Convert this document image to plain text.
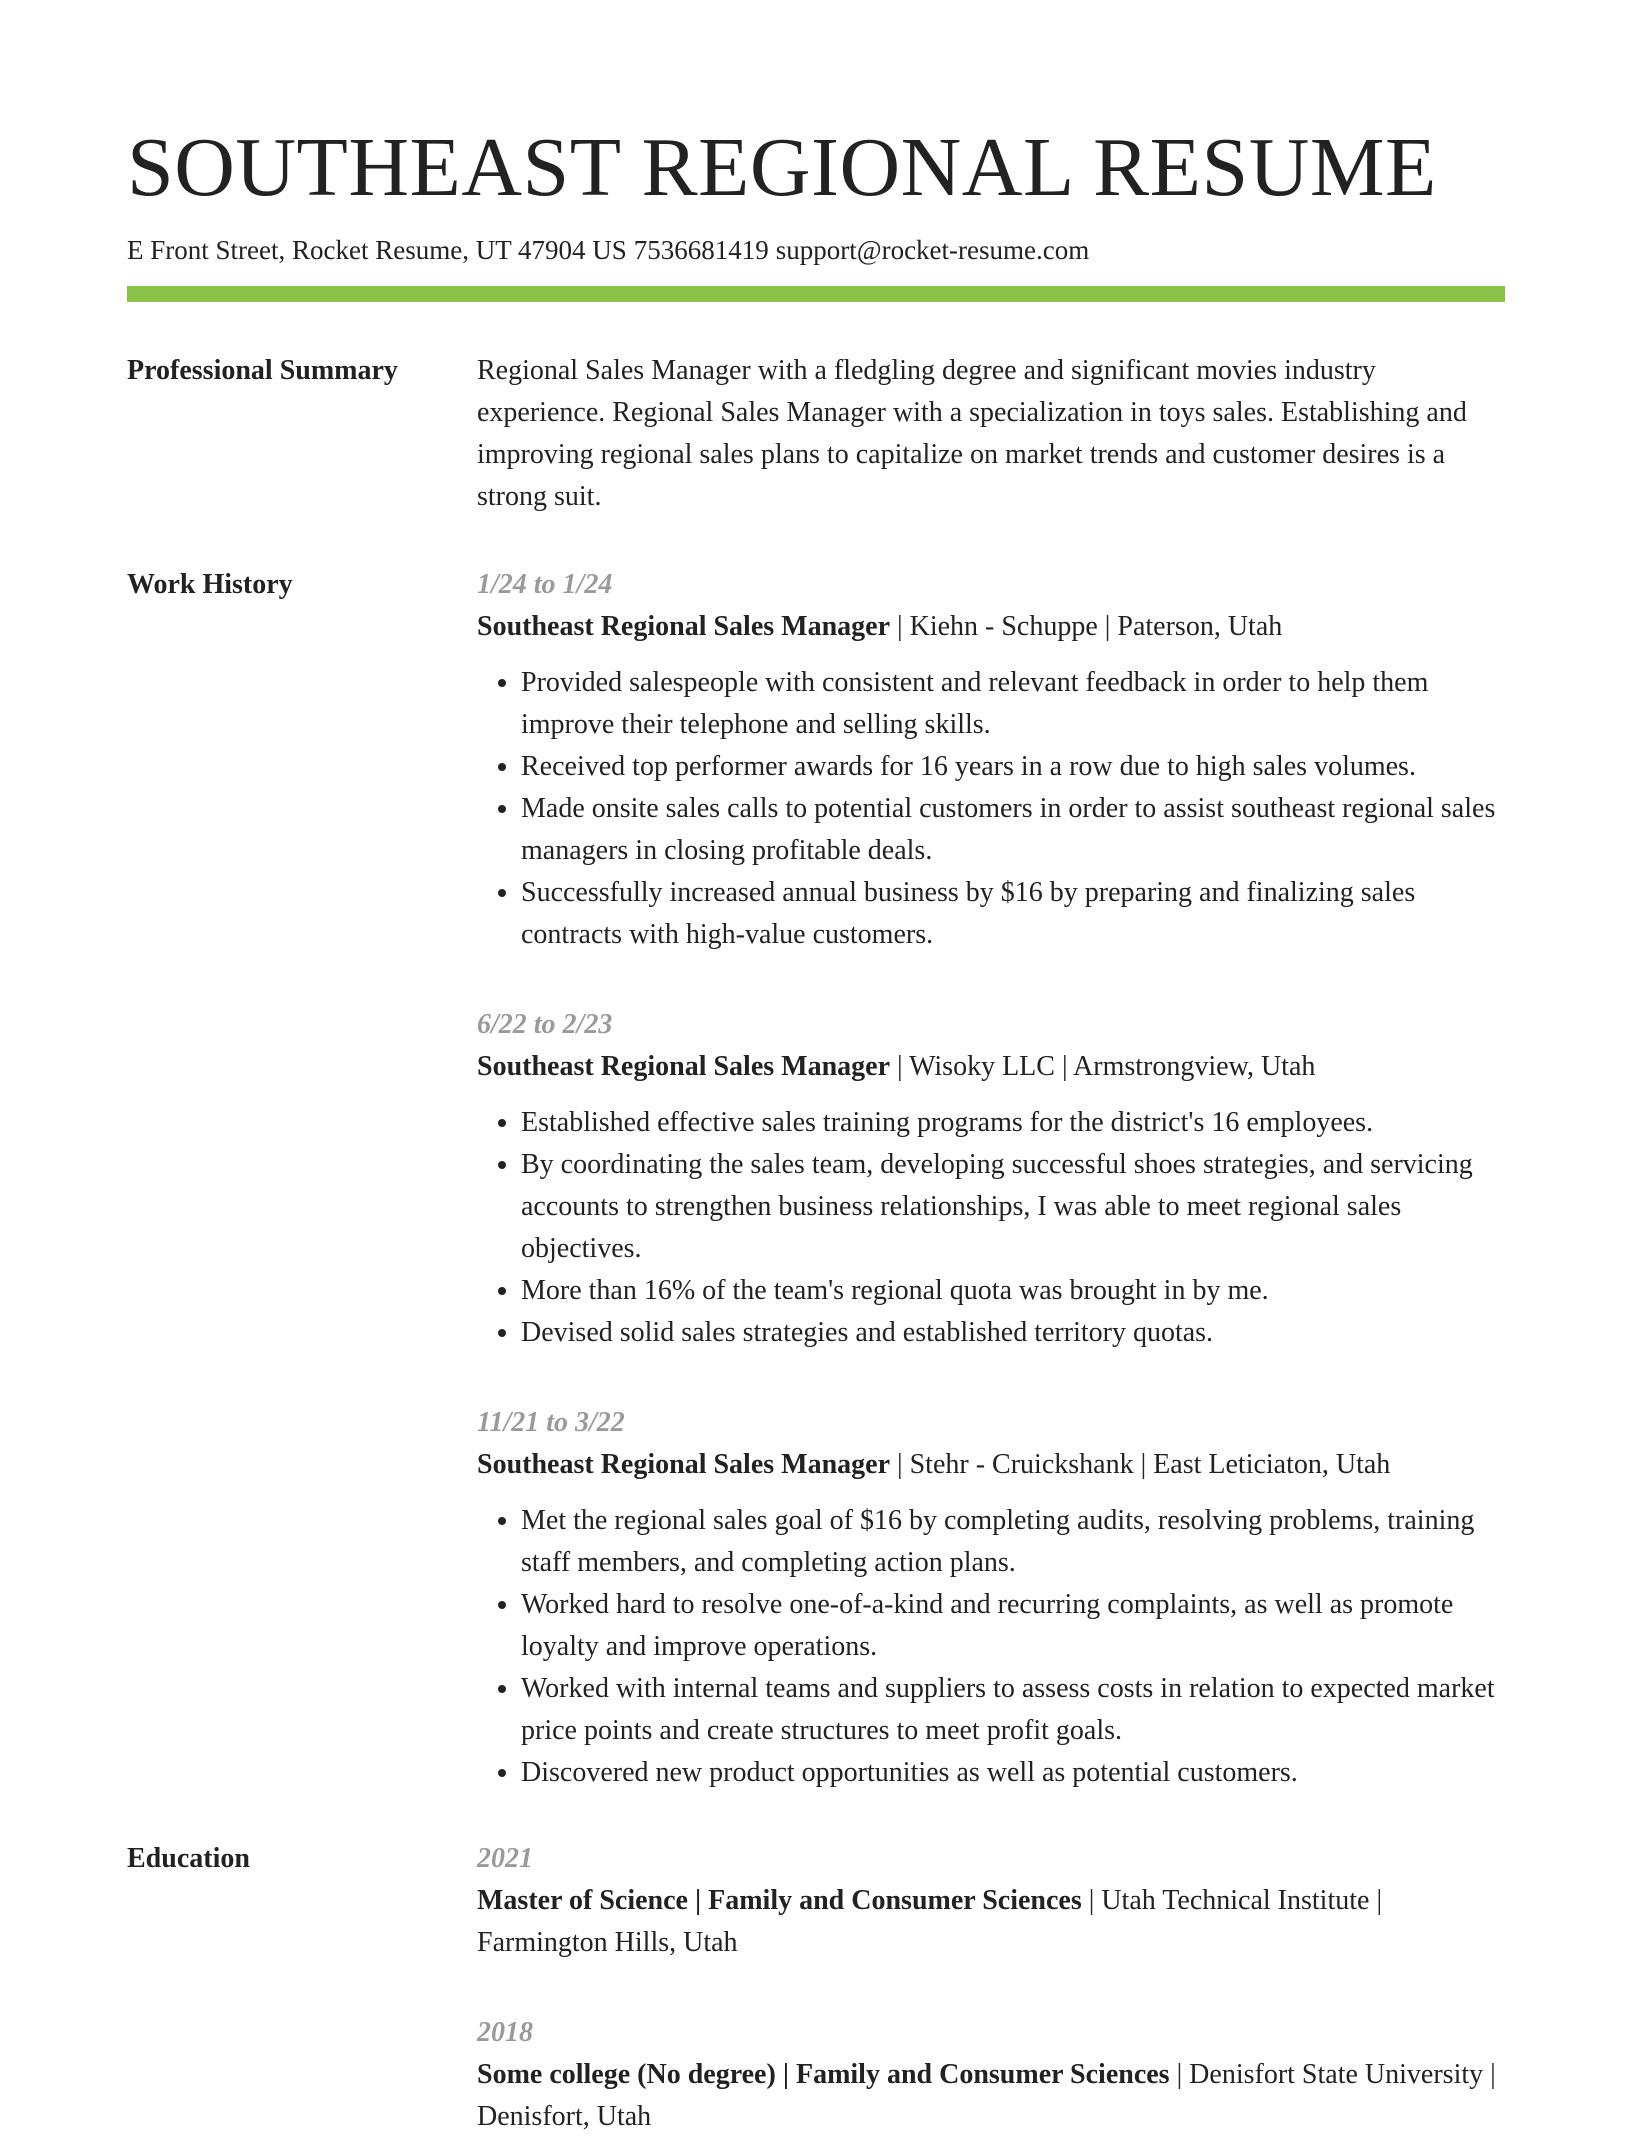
SOUTHEAST REGIONAL RESUME
E Front Street, Rocket Resume, UT 47904 US 7536681419 support@rocket-resume.com
Professional Summary	Regional Sales Manager with a fledgling degree and significant movies industry experience. Regional Sales Manager with a specialization in toys sales. Establishing and improving regional sales plans to capitalize on market trends and customer desires is a strong suit.

Work History	1/24 to 1/24
Southeast Regional Sales Manager | Kiehn - Schuppe | Paterson, Utah
• Provided salespeople with consistent and relevant feedback in order to help them improve their telephone and selling skills.
• Received top performer awards for 16 years in a row due to high sales volumes.
• Made onsite sales calls to potential customers in order to assist southeast regional sales managers in closing profitable deals.
• Successfully increased annual business by $16 by preparing and finalizing sales contracts with high-value customers.
6/22 to 2/23
Southeast Regional Sales Manager | Wisoky LLC | Armstrongview, Utah
• Established effective sales training programs for the district's 16 employees.
• By coordinating the sales team, developing successful shoes strategies, and servicing accounts to strengthen business relationships, I was able to meet regional sales objectives.
• More than 16% of the team's regional quota was brought in by me.
• Devised solid sales strategies and established territory quotas.
11/21 to 3/22
Southeast Regional Sales Manager | Stehr - Cruickshank | East Leticiaton, Utah
• Met the regional sales goal of $16 by completing audits, resolving problems, training staff members, and completing action plans.
• Worked hard to resolve one-of-a-kind and recurring complaints, as well as promote loyalty and improve operations.
• Worked with internal teams and suppliers to assess costs in relation to expected market price points and create structures to meet profit goals.
• Discovered new product opportunities as well as potential customers.
Education	2021
Master of Science | Family and Consumer Sciences | Utah Technical Institute | Farmington Hills, Utah
2018
Some college (No degree) | Family and Consumer Sciences | Denisfort State University | Denisfort, Utah
